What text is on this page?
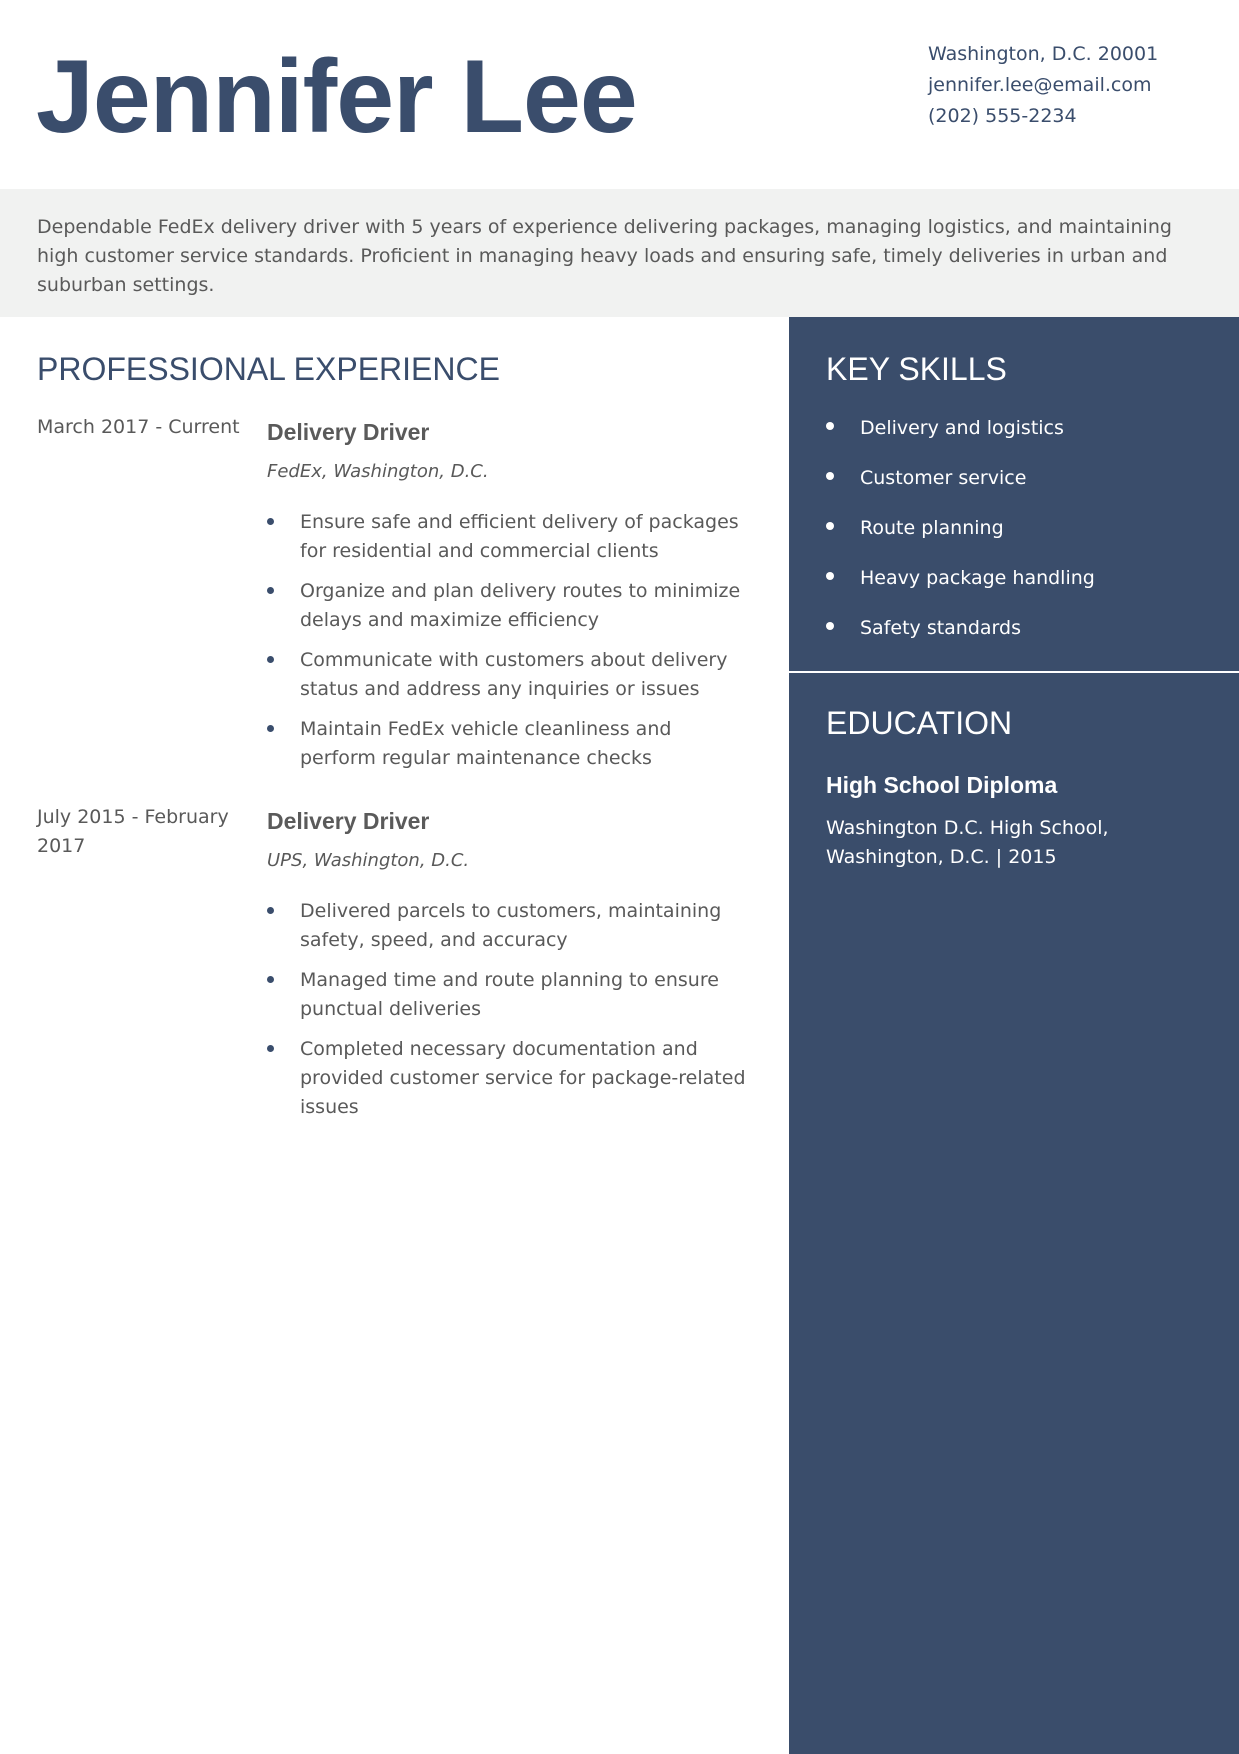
Jennifer Lee	Washington, D.C. 20001
jennifer.lee@email.com
(202) 555-2234
Dependable FedEx delivery driver with 5 years of experience delivering packages, managing logistics, and maintaining high customer service standards. Proficient in managing heavy loads and ensuring safe, timely deliveries in urban and suburban settings.
PROFESSIONAL EXPERIENCE
March 2017 - Current	Delivery Driver
FedEx, Washington, D.C.
Ensure safe and efficient delivery of packages for residential and commercial clients
Organize and plan delivery routes to minimize delays and maximize efficiency
Communicate with customers about delivery status and address any inquiries or issues
Maintain FedEx vehicle cleanliness and perform regular maintenance checks
July 2015 - February 2017
Delivery Driver
UPS, Washington, D.C.
Delivered parcels to customers, maintaining safety, speed, and accuracy
Managed time and route planning to ensure punctual deliveries
Completed necessary documentation and provided customer service for package-related issues
KEY SKILLS
Delivery and logistics
Customer service
Route planning
Heavy package handling
Safety standards
EDUCATION
High School Diploma
Washington D.C. High School, Washington, D.C. | 2015
